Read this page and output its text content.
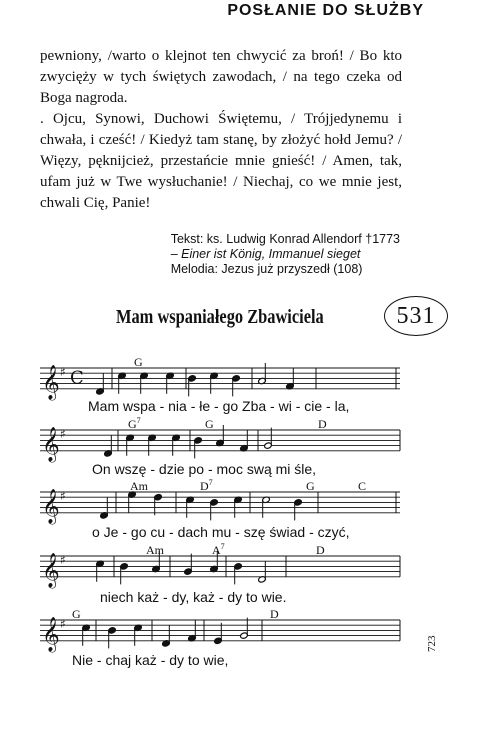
POSŁANIE DO SŁUŻBY

pewniony, /warto o klejnot ten chwycić za broń! / Bo kto zwycięży w tych świętych zawodach, / na tego czeka od Boga nagroda.

. Ojcu, Synowi, Duchowi Świętemu, / Trójjedynemu i chwała, i cześć! / Kiedyż tam stanę, by złożyć hołd Jemu? / Więzy, pęknijcież, przestańcie mnie gnieść! / Amen, tak, ufam już w Twe wysłuchanie! / Niechaj, co we mnie jest, chwali Cię, Panie!

Tekst: ks. Ludwig Konrad Allendorf †1773
– Einer ist König, Immanuel sieget
Melodia: Jezus już przyszedł (108)
Mam wspaniałego Zbawiciela	531
𝄞 ♯
𝄞 ♯
𝄞 ♯
𝄞 ♯
𝄞 ♯
C
Mam wspa - nia - łe - go Zba - wi - cie - la,
On wszę - dzie po - moc swą mi śle,
o Je - go cu - dach mu - szę świad - czyć,
niech każ - dy, każ - dy to wie.
Nie - chaj każ - dy to wie,
G
$G^7$	G	D
Am	$D^7$	G	C
Am	$A^7$	D
G	D
723
